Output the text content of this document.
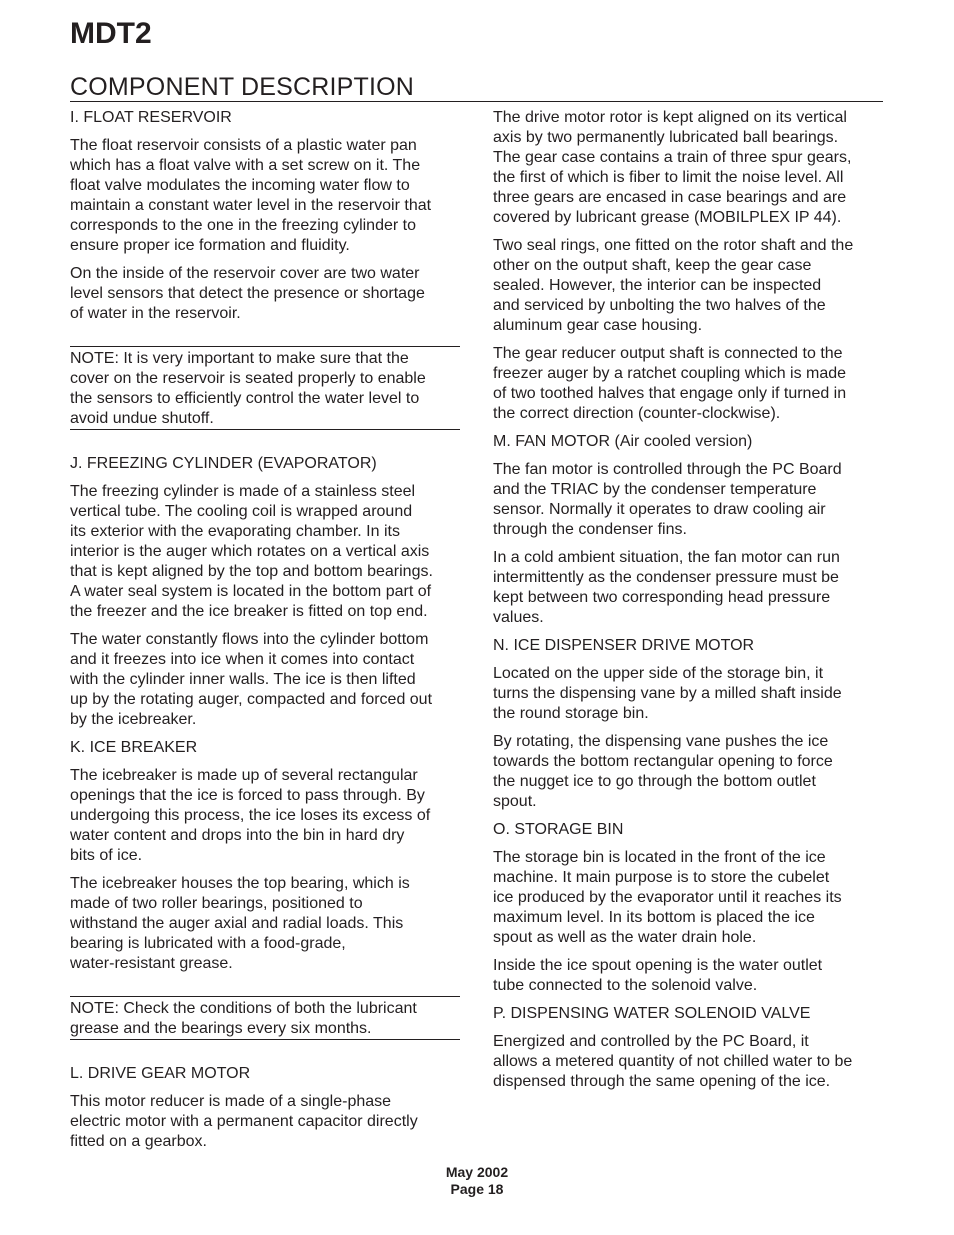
MDT2
COMPONENT DESCRIPTION
I. FLOAT RESERVOIR

The float reservoir consists of a plastic water pan
which has a float valve with a set screw on it. The
float valve modulates the incoming water flow to
maintain a constant water level in the reservoir that
corresponds to the one in the freezing cylinder to
ensure proper ice formation and fluidity.

On the inside of the reservoir cover are two water
level sensors that detect the presence or shortage
of water in the reservoir.

NOTE: It is very important to make sure that the
cover on the reservoir is seated properly to enable
the sensors to efficiently control the water level to
avoid undue shutoff.

J. FREEZING CYLINDER (EVAPORATOR)

The freezing cylinder is made of a stainless steel
vertical tube. The cooling coil is wrapped around
its exterior with the evaporating chamber. In its
interior is the auger which rotates on a vertical axis
that is kept aligned by the top and bottom bearings.
A water seal system is located in the bottom part of
the freezer and the ice breaker is fitted on top end.

The water constantly flows into the cylinder bottom
and it freezes into ice when it comes into contact
with the cylinder inner walls. The ice is then lifted
up by the rotating auger, compacted and forced out
by the icebreaker.

K. ICE BREAKER

The icebreaker is made up of several rectangular
openings that the ice is forced to pass through. By
undergoing this process, the ice loses its excess of
water content and drops into the bin in hard dry
bits of ice.

The icebreaker houses the top bearing, which is
made of two roller bearings, positioned to
withstand the auger axial and radial loads. This
bearing is lubricated with a food-grade,
water-resistant grease.

NOTE: Check the conditions of both the lubricant
grease and the bearings every six months.

L. DRIVE GEAR MOTOR

This motor reducer is made of a single-phase
electric motor with a permanent capacitor directly
fitted on a gearbox.

The drive motor rotor is kept aligned on its vertical
axis by two permanently lubricated ball bearings.
The gear case contains a train of three spur gears,
the first of which is fiber to limit the noise level. All
three gears are encased in case bearings and are
covered by lubricant grease (MOBILPLEX IP 44).

Two seal rings, one fitted on the rotor shaft and the
other on the output shaft, keep the gear case
sealed. However, the interior can be inspected
and serviced by unbolting the two halves of the
aluminum gear case housing.

The gear reducer output shaft is connected to the
freezer auger by a ratchet coupling which is made
of two toothed halves that engage only if turned in
the correct direction (counter-clockwise).

M. FAN MOTOR (Air cooled version)

The fan motor is controlled through the PC Board
and the TRIAC by the condenser temperature
sensor. Normally it operates to draw cooling air
through the condenser fins.

In a cold ambient situation, the fan motor can run
intermittently as the condenser pressure must be
kept between two corresponding head pressure
values.

N. ICE DISPENSER DRIVE MOTOR

Located on the upper side of the storage bin, it
turns the dispensing vane by a milled shaft inside
the round storage bin.

By rotating, the dispensing vane pushes the ice
towards the bottom rectangular opening to force
the nugget ice to go through the bottom outlet
spout.

O. STORAGE BIN

The storage bin is located in the front of the ice
machine. It main purpose is to store the cubelet
ice produced by the evaporator until it reaches its
maximum level. In its bottom is placed the ice
spout as well as the water drain hole.

Inside the ice spout opening is the water outlet
tube connected to the solenoid valve.

P. DISPENSING WATER SOLENOID VALVE

Energized and controlled by the PC Board, it
allows a metered quantity of not chilled water to be
dispensed through the same opening of the ice.

May 2002
Page 18
